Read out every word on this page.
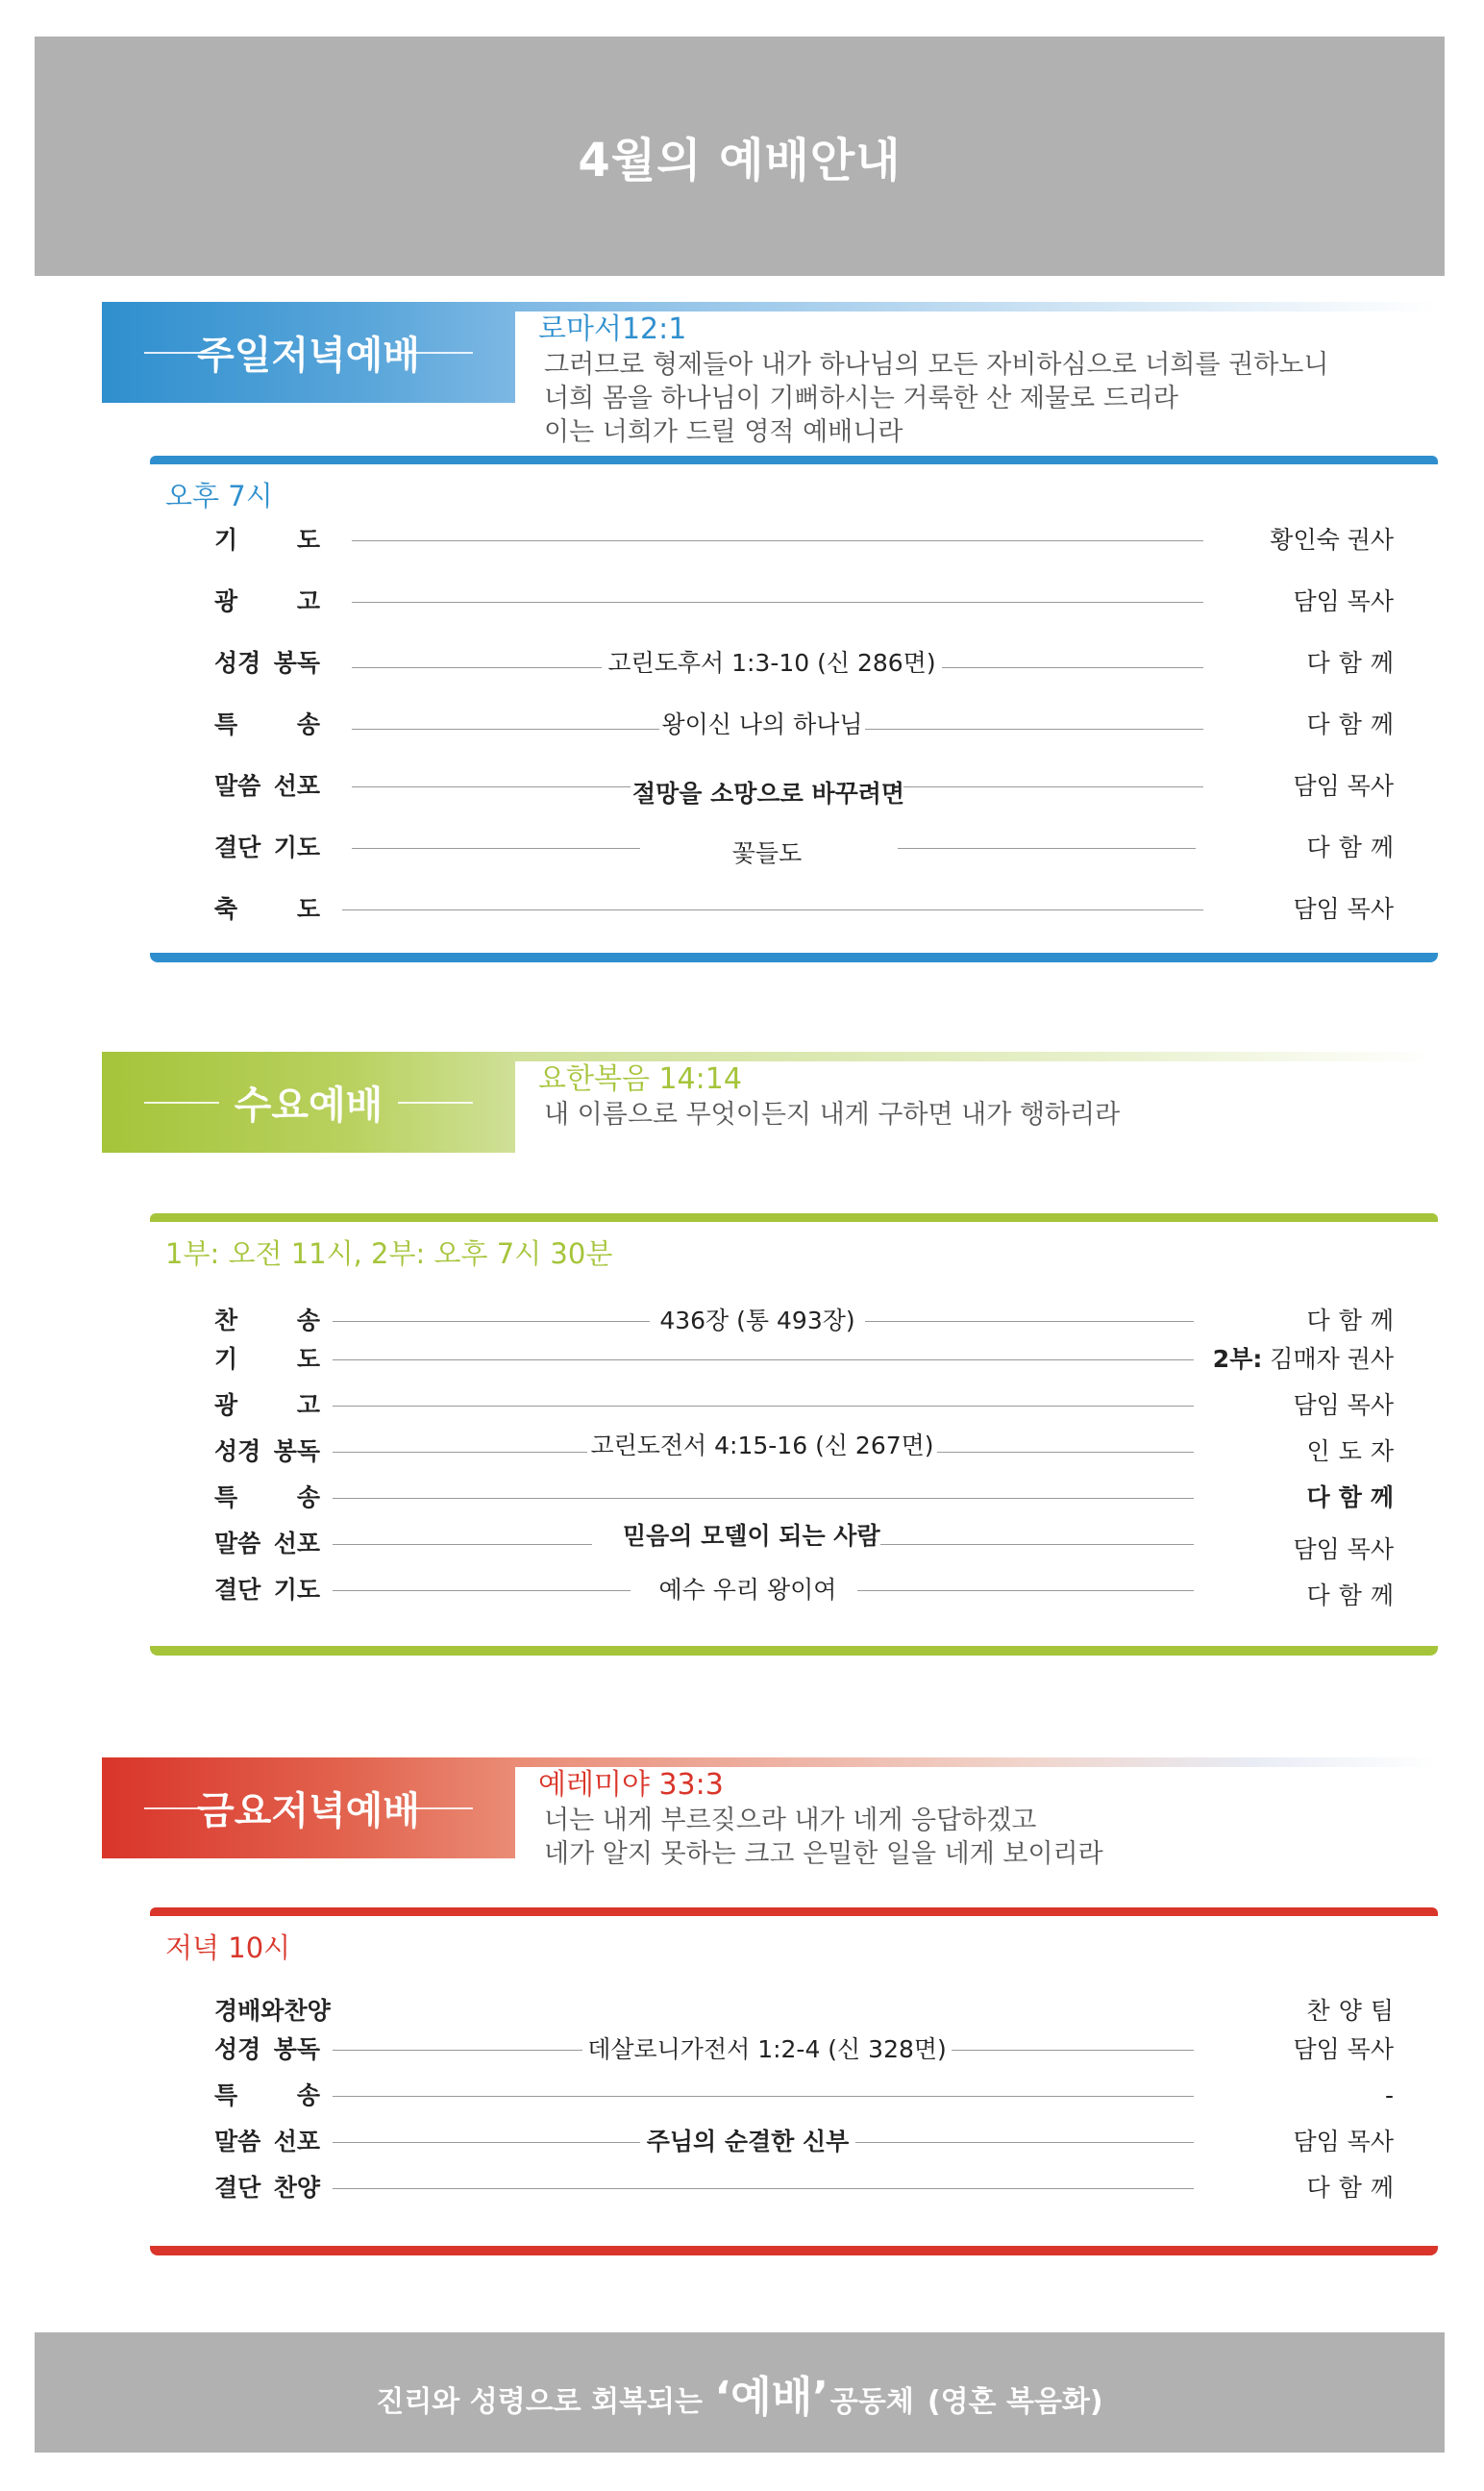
4월의 예배안내
주일저녁예배
로마서12:1
그러므로 형제들아 내가 하나님의 모든 자비하심으로 너희를 권하노니
너희 몸을 하나님이 기뻐하시는 거룩한 산 제물로 드리라
이는 너희가 드릴 영적 예배니라
오후 7시
기　도	황인숙 권사
광　고	담임 목사
성경 봉독	고린도후서 1:3-10 (신 286면)	다함께
특　송	왕이신 나의 하나님	다함께
말씀 선포	절망을 소망으로 바꾸려면	담임 목사
결단 기도	꽃들도	다함께
축　도	담임 목사
수요예배
요한복음 14:14
내 이름으로 무엇이든지 내게 구하면 내가 행하리라
1부: 오전 11시, 2부: 오후 7시 30분
찬　송	436장 (통 493장)	다함께
기　도	2부: 김매자 권사
광　고	담임 목사
성경 봉독	고린도전서 4:15-16 (신 267면)	인도자
특　송	다함께
말씀 선포	믿음의 모델이 되는 사람	담임 목사
결단 기도	예수 우리 왕이여	다함께
금요저녁예배
예레미야 33:3
너는 내게 부르짖으라 내가 네게 응답하겠고
네가 알지 못하는 크고 은밀한 일을 네게 보이리라
저녁 10시
경배와찬양	찬양팀
성경 봉독	데살로니가전서 1:2-4 (신 328면)	담임 목사
특　송	-
말씀 선포	주님의 순결한 신부	담임 목사
결단 찬양	다함께
진리와 성령으로 회복되는 ‘예배’공동체 (영혼 복음화)
